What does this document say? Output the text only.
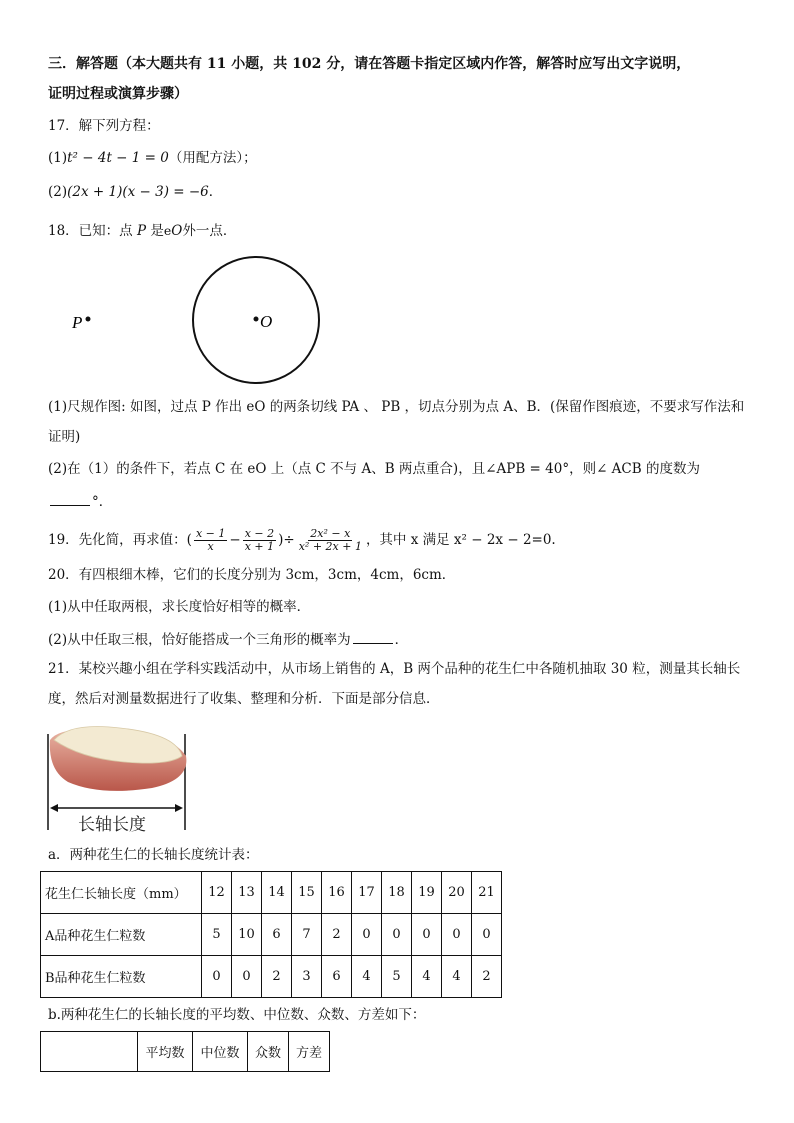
三．解答题（本大题共有 11 小题，共 102 分，请在答题卡指定区域内作答，解答时应写出文字说明，
证明过程或演算步骤）
17．解下列方程：
(1)t² − 4t − 1 = 0（用配方法）；
(2)(2x + 1)(x − 3) = −6．
18．已知：点 P 是eO外一点．
P	O
(1)尺规作图: 如图，过点 P 作出 eO 的两条切线 PA 、 PB ，切点分别为点 A、B．(保留作图痕迹，不要求写作法和
证明)
(2)在（1）的条件下，若点 C 在 eO 上（点 C 不与 A、B 两点重合)，且∠APB = 40°，则∠ ACB 的度数为
°．
19．先化简，再求值：( $\frac{x - 1}{x} - \frac{x - 2}{x + 1}$ )÷ $\frac{\text{2x² − x}}{\text{x² + 2x + 1}}$ ，其中 x 满足 x² − 2x − 2=0.
20．有四根细木棒，它们的长度分别为 3cm，3cm，4cm，6cm．
(1)从中任取两根，求长度恰好相等的概率．
(2)从中任取三根，恰好能搭成一个三角形的概率为	．
21．某校兴趣小组在学科实践活动中，从市场上销售的 A，B 两个品种的花生仁中各随机抽取 30 粒，测量其长轴长
度，然后对测量数据进行了收集、整理和分析．下面是部分信息．
长轴长度
a．两种花生仁的长轴长度统计表：
花生仁长轴长度（mm）	12	13	14	15	16	17	18	19	20	21
A品种花生仁粒数	5	10	6	7	2	0	0	0	0	0
B品种花生仁粒数	0	0	2	3	6	4	5	4	4	2
b.两种花生仁的长轴长度的平均数、中位数、众数、方差如下：
	平均数	中位数	众数	方差
